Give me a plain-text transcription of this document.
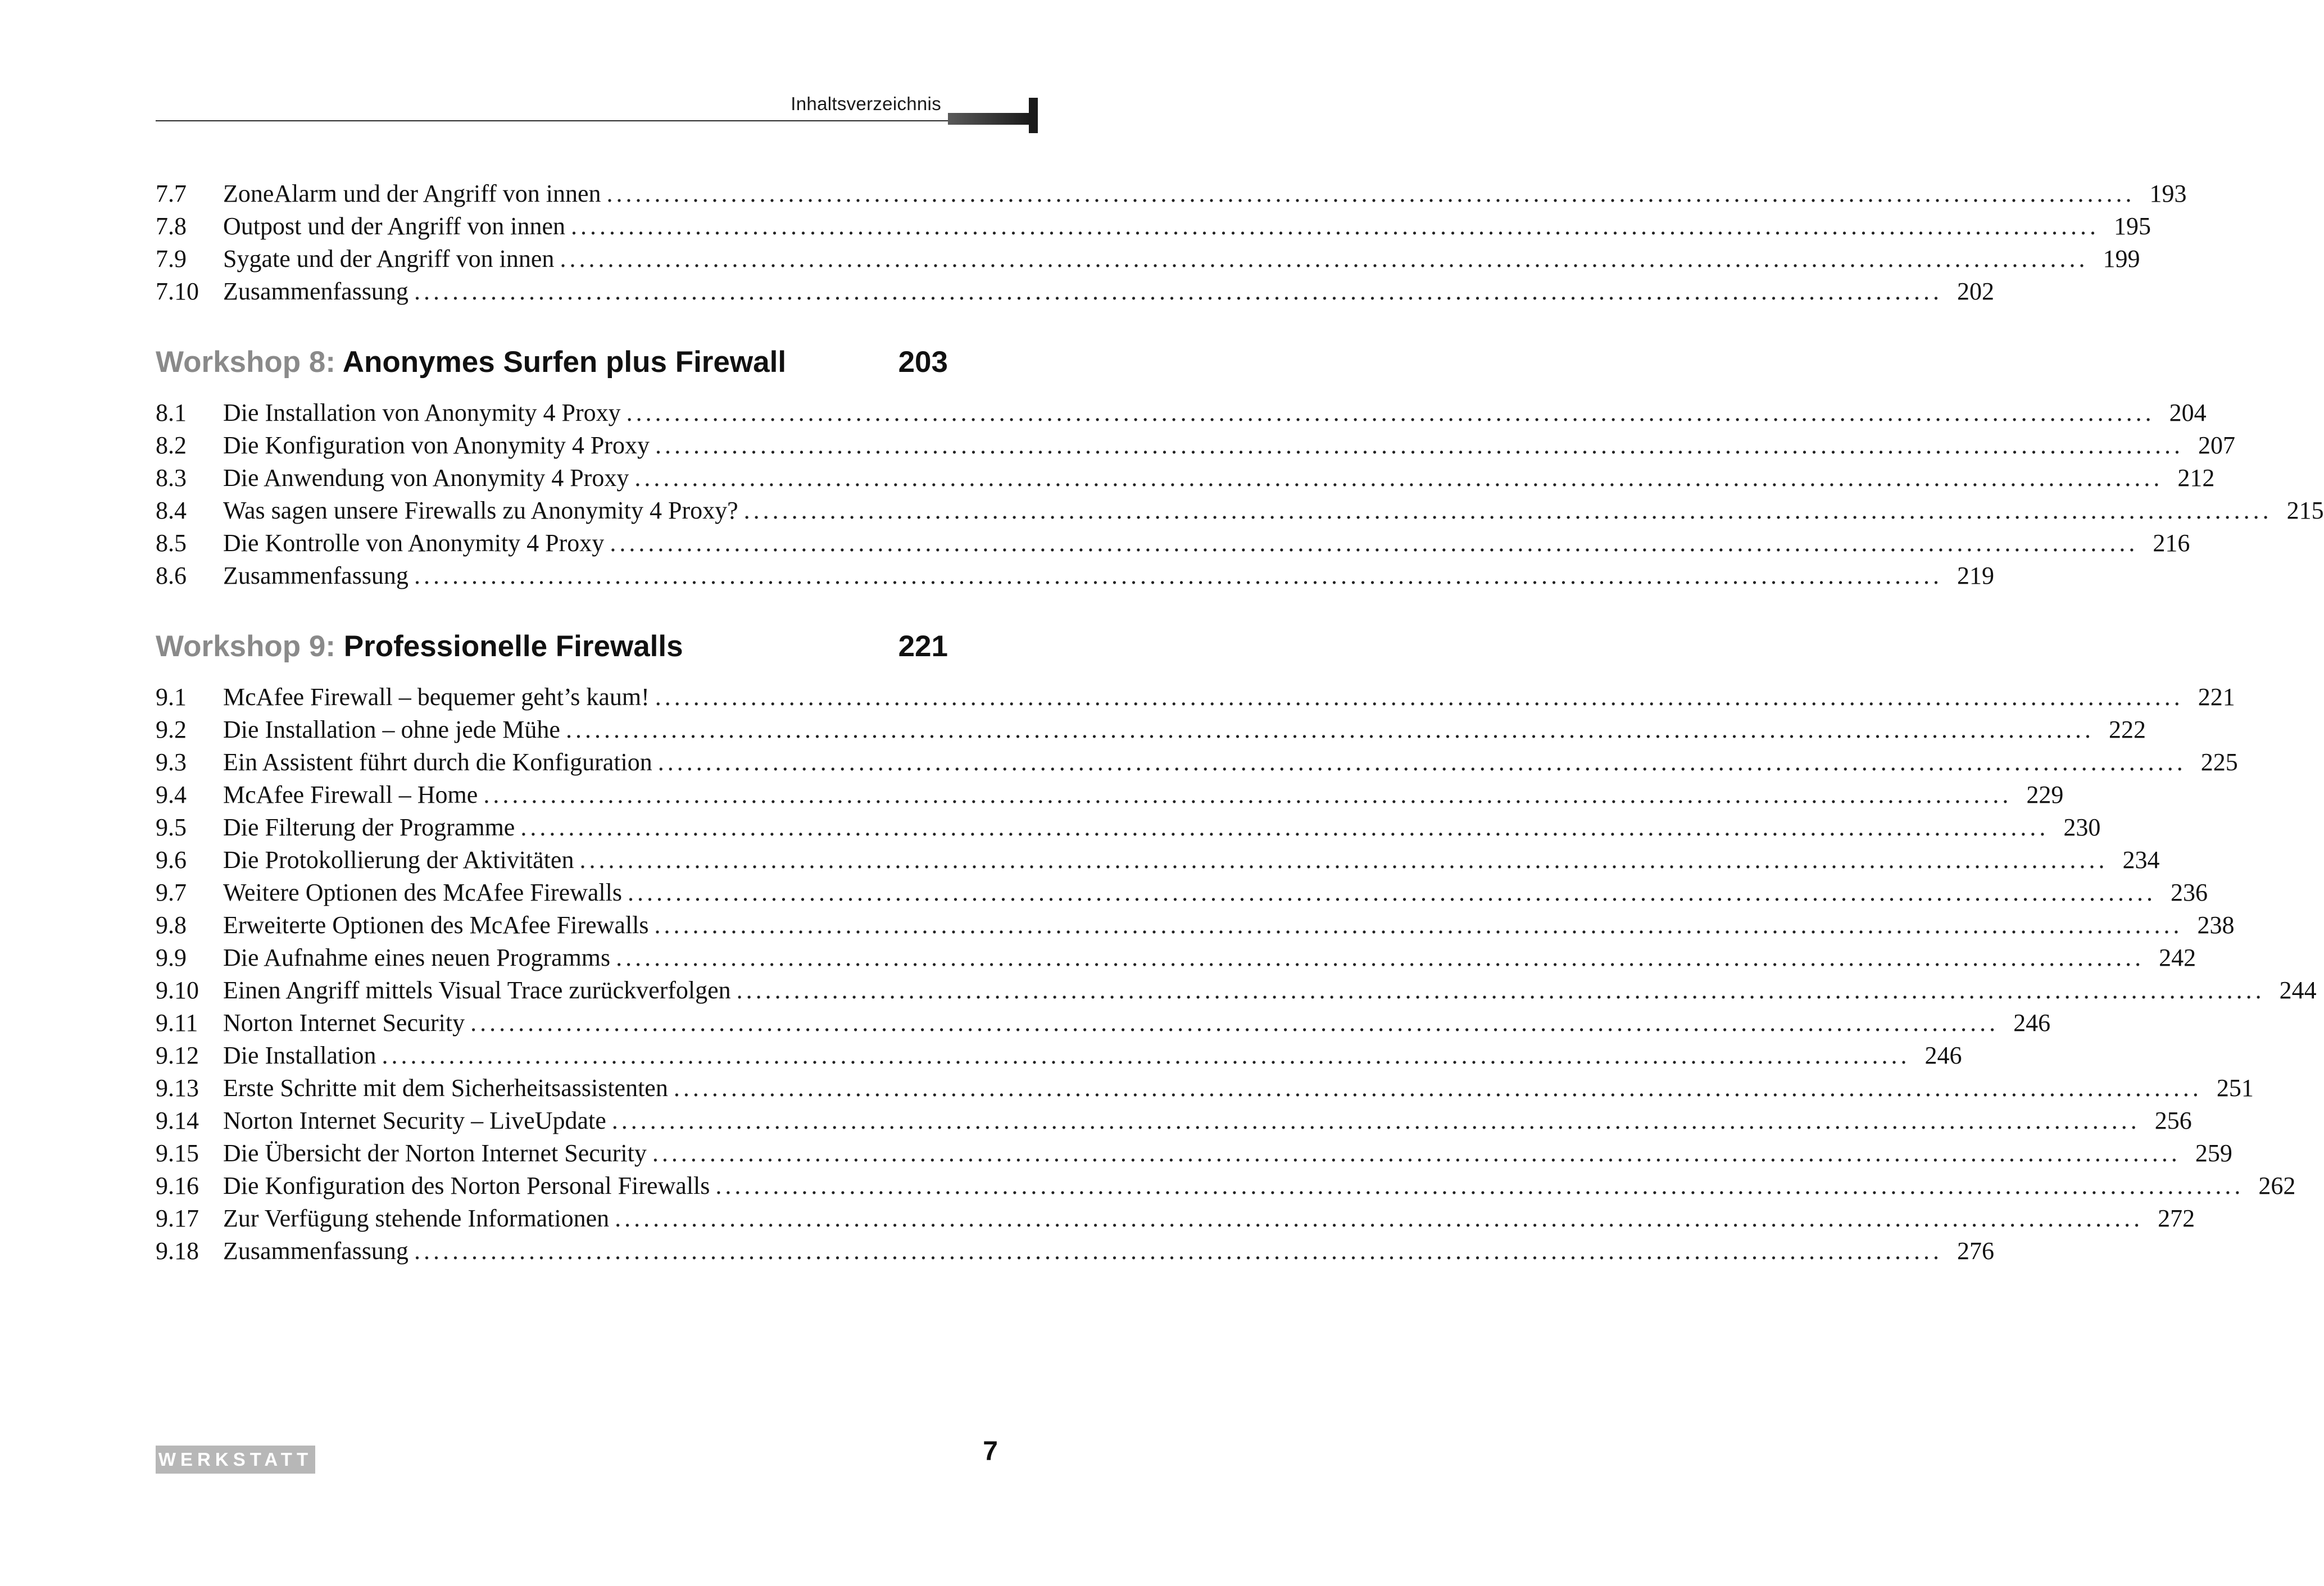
Inhaltsverzeichnis
7.7	ZoneAlarm und der Angriff von innen ................................................................................................................................................................ 193
7.8	Outpost und der Angriff von innen ................................................................................................................................................................ 195
7.9	Sygate und der Angriff von innen ................................................................................................................................................................ 199
7.10 Zusammenfassung ................................................................................................................................................................ 202
Workshop 8: Anonymes Surfen plus Firewall	203
8.1	Die Installation von Anonymity 4 Proxy ................................................................................................................................................................ 204
8.2	Die Konfiguration von Anonymity 4 Proxy ................................................................................................................................................................ 207
8.3	Die Anwendung von Anonymity 4 Proxy ................................................................................................................................................................ 212
8.4	Was sagen unsere Firewalls zu Anonymity 4 Proxy? ................................................................................................................................................................ 215
8.5	Die Kontrolle von Anonymity 4 Proxy ................................................................................................................................................................ 216
8.6	Zusammenfassung ................................................................................................................................................................ 219
Workshop 9: Professionelle Firewalls	221
9.1	McAfee Firewall – bequemer geht’s kaum! ................................................................................................................................................................ 221
9.2	Die Installation – ohne jede Mühe ................................................................................................................................................................ 222
9.3	Ein Assistent führt durch die Konfiguration ................................................................................................................................................................ 225
9.4	McAfee Firewall – Home ................................................................................................................................................................ 229
9.5	Die Filterung der Programme ................................................................................................................................................................ 230
9.6	Die Protokollierung der Aktivitäten ................................................................................................................................................................ 234
9.7	Weitere Optionen des McAfee Firewalls ................................................................................................................................................................ 236
9.8	Erweiterte Optionen des McAfee Firewalls ................................................................................................................................................................ 238
9.9	Die Aufnahme eines neuen Programms ................................................................................................................................................................ 242
9.10 Einen Angriff mittels Visual Trace zurückverfolgen ................................................................................................................................................................ 244
9.11	Norton Internet Security ................................................................................................................................................................ 246
9.12 Die Installation ................................................................................................................................................................ 246
9.13 Erste Schritte mit dem Sicherheitsassistenten ................................................................................................................................................................ 251
9.14 Norton Internet Security – LiveUpdate ................................................................................................................................................................ 256
9.15 Die Übersicht der Norton Internet Security ................................................................................................................................................................ 259
9.16 Die Konfiguration des Norton Personal Firewalls ................................................................................................................................................................ 262
9.17 Zur Verfügung stehende Informationen ................................................................................................................................................................ 272
9.18 Zusammenfassung ................................................................................................................................................................ 276
WERKSTATT	7
